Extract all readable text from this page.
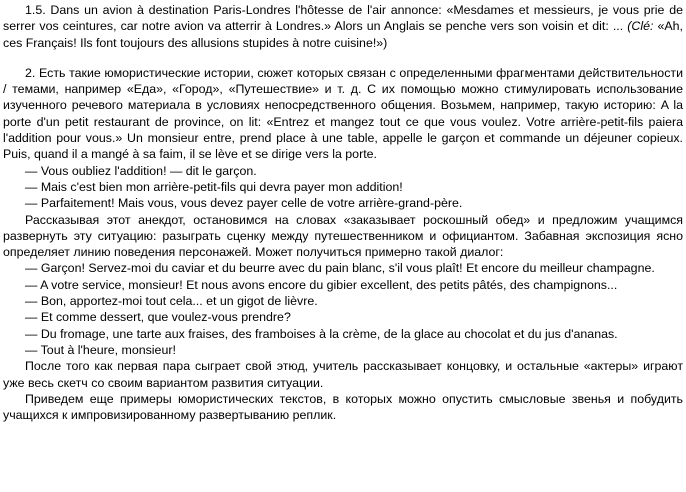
1.5. Dans un avion à destination Paris-Londres l'hôtesse de l'air annonce: «Mesdames et messieurs, je vous prie de serrer vos ceintures, car notre avion va atterrir à Londres.» Alors un Anglais se penche vers son voisin et dit: ... (Clé: «Ah, ces Français! Ils font toujours des allusions stupides à notre cuisine!»)

2. Есть такие юмористические истории, сюжет которых связан с определенными фрагментами действительности / темами, например «Еда», «Город», «Путешествие» и т. д. С их помощью можно стимулировать использование изученного речевого материала в условиях непосредственного общения. Возьмем, например, такую историю: A la porte d'un petit restaurant de province, on lit: «Entrez et mangez tout ce que vous voulez. Votre arrière-petit-fils paiera l'addition pour vous.» Un monsieur entre, prend place à une table, appelle le garçon et commande un déjeuner copieux. Puis, quand il a mangé à sa faim, il se lève et se dirige vers la porte.

— Vous oubliez l'addition! — dit le garçon.

— Mais c'est bien mon arrière-petit-fils qui devra payer mon addition!

— Parfaitement! Mais vous, vous devez payer celle de votre arrière-grand-père.

Рассказывая этот анекдот, остановимся на словах «заказывает роскошный обед» и предложим учащимся развернуть эту ситуацию: разыграть сценку между путешественником и официантом. Забавная экспозиция ясно определяет линию поведения персонажей. Может получиться примерно такой диалог:

— Garçon! Servez-moi du caviar et du beurre avec du pain blanc, s'il vous plaît! Et encore du meilleur champagne.

— A votre service, monsieur! Et nous avons encore du gibier excellent, des petits pâtés, des champignons...

— Bon, apportez-moi tout cela... et un gigot de lièvre.

— Et comme dessert, que voulez-vous prendre?

— Du fromage, une tarte aux fraises, des framboises à la crème, de la glace au chocolat et du jus d'ananas.

— Tout à l'heure, monsieur!

После того как первая пара сыграет свой этюд, учитель рассказывает концовку, и остальные «актеры» играют уже весь скетч со своим вариантом развития ситуации.

Приведем еще примеры юмористических текстов, в которых можно опустить смысловые звенья и побудить учащихся к импровизированному развертыванию реплик.
